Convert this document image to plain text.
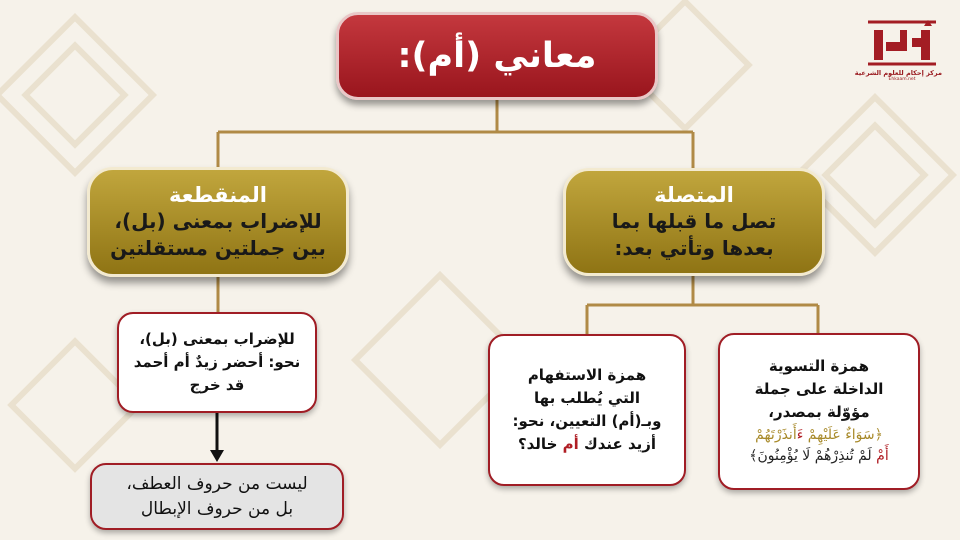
مركز إحكام للعلوم الشرعية
Ehkaam.net
معاني (أم):
المنقطعة
للإضراب بمعنى (بل)،
بين جملتين مستقلتين
المتصلة
تصل ما قبلها بما
بعدها وتأتي بعد:
للإضراب بمعنى (بل)،
نحو: أحضر زيدٌ أم أحمد
قد خرج
ليست من حروف العطف،
بل من حروف الإبطال
همزة الاستفهام
التي يُطلب بها
وبـ(أم) التعيين، نحو:
أزيد عندك أم خالد؟
همزة التسوية
الداخلة على جملة
مؤوّلة بمصدر،
﴿سَوَاءٌ عَلَيْهِمْ ءَأَنذَرْتَهُمْ
أَمْ لَمْ تُنذِرْهُمْ لَا يُؤْمِنُونَ﴾
